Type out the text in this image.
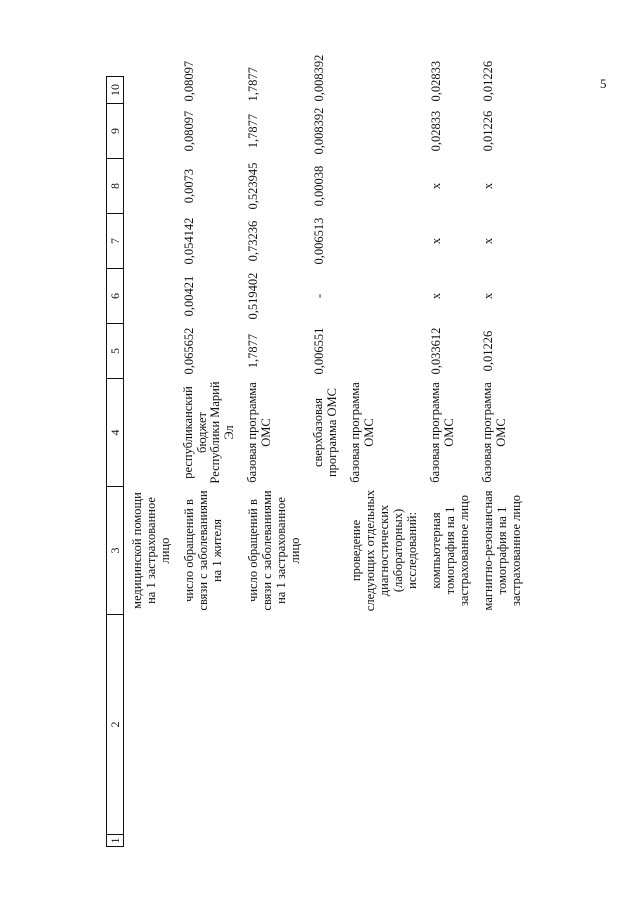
5
1	2	3	4	5	6	7	8	9	10
		медицинской помощи на 1 застрахованное лицо							
		число обращений в связи с заболеваниями на 1 жителя	республиканский бюджет Республики Марий Эл	0,065652	0,00421	0,054142	0,0073	0,08097	0,08097
		число обращений в связи с заболеваниями на 1 застрахованное лицо	базовая программа ОМС	1,7877	0,519402	0,73236	0,523945	1,7877	1,7877
			сверхбазовая программа ОМС	0,006551	-	0,006513	0,00038	0,008392	0,008392
		проведение следующих отдельных диагностических (лабораторных) исследований:	базовая программа ОМС						
		компьютерная томография на 1 застрахованное лицо	базовая программа ОМС	0,033612	x	x	x	0,02833	0,02833
		магнитно-резонансная томография на 1 застрахованное лицо	базовая программа ОМС	0,01226	x	x	x	0,01226	0,01226
